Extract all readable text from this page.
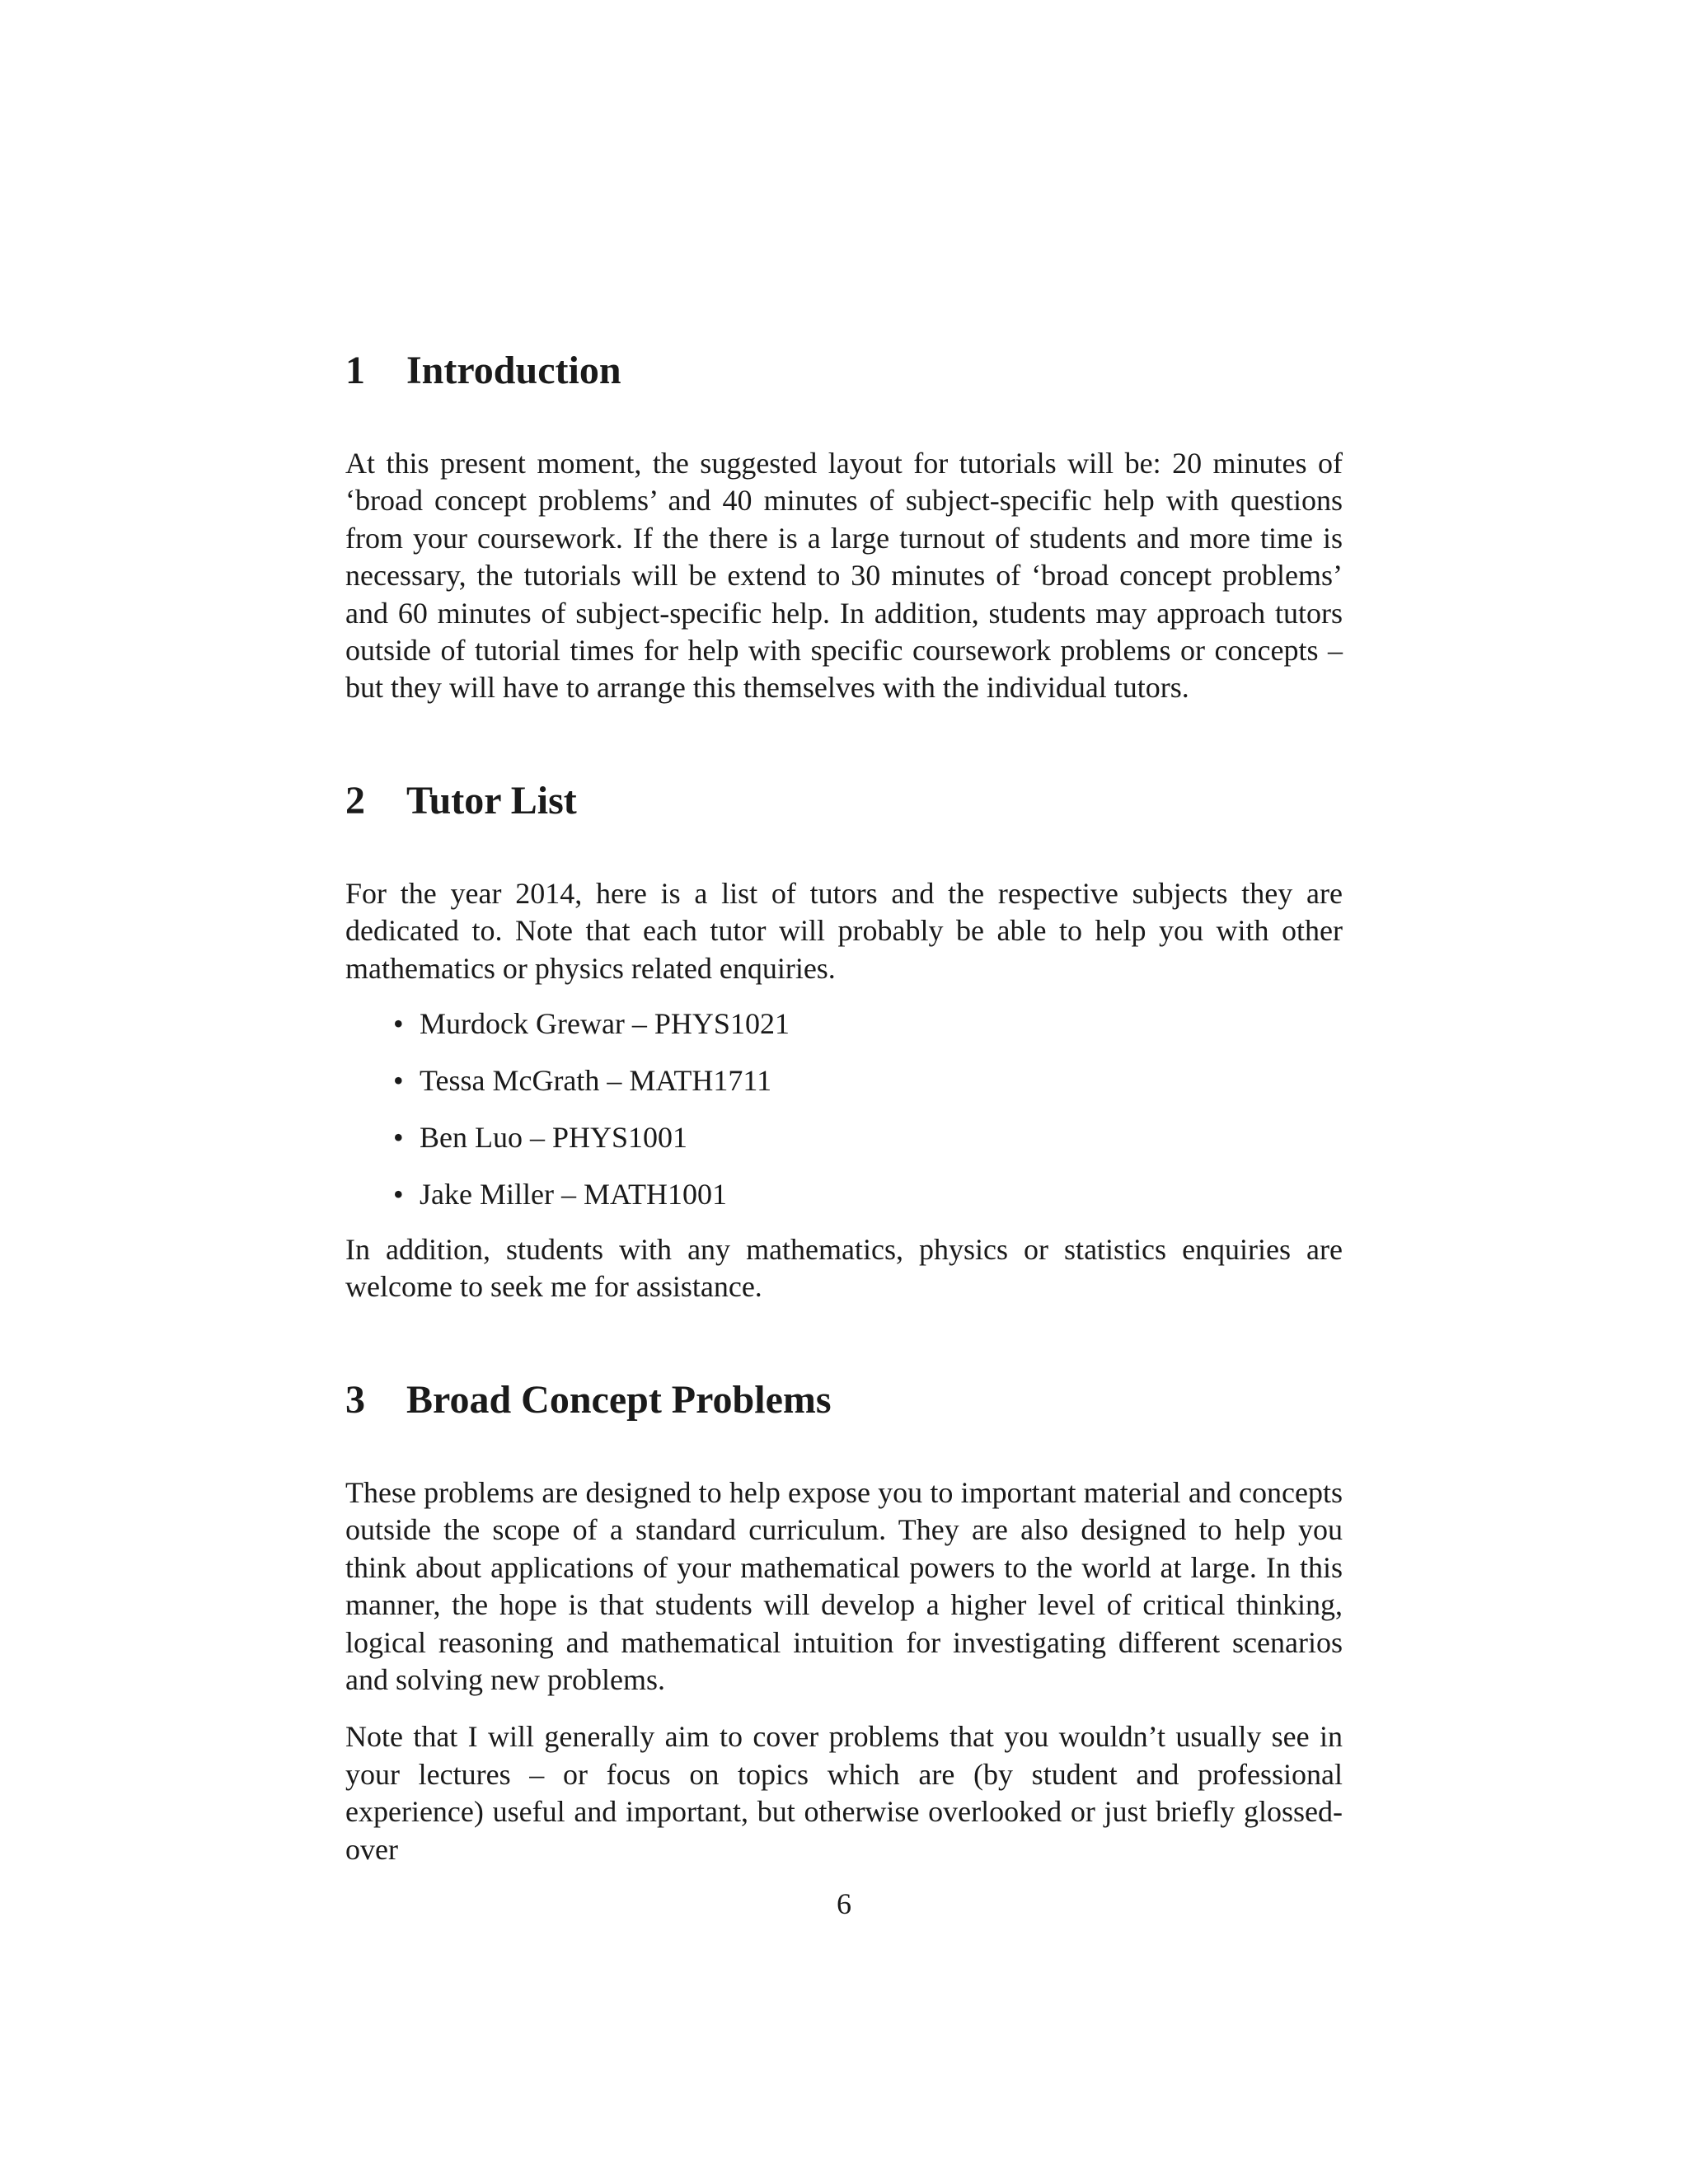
1	Introduction

At this present moment, the suggested layout for tutorials will be: 20 minutes of ‘broad concept problems’ and 40 minutes of subject-specific help with questions from your coursework. If the there is a large turnout of students and more time is necessary, the tutorials will be extend to 30 minutes of ‘broad concept problems’ and 60 minutes of subject-specific help. In addition, students may approach tutors outside of tutorial times for help with specific coursework problems or concepts – but they will have to arrange this themselves with the individual tutors.

2	Tutor List

For the year 2014, here is a list of tutors and the respective subjects they are dedicated to. Note that each tutor will probably be able to help you with other mathematics or physics related enquiries.

• Murdock Grewar – PHYS1021
• Tessa McGrath – MATH1711
• Ben Luo – PHYS1001
• Jake Miller – MATH1001

In addition, students with any mathematics, physics or statistics enquiries are welcome to seek me for assistance.

3	Broad Concept Problems

These problems are designed to help expose you to important material and concepts outside the scope of a standard curriculum. They are also designed to help you think about applications of your mathematical powers to the world at large. In this manner, the hope is that students will develop a higher level of critical thinking, logical reasoning and mathematical intuition for investigating different scenarios and solving new problems.

Note that I will generally aim to cover problems that you wouldn’t usually see in your lectures – or focus on topics which are (by student and professional experience) useful and important, but otherwise overlooked or just briefly glossed-over

6
